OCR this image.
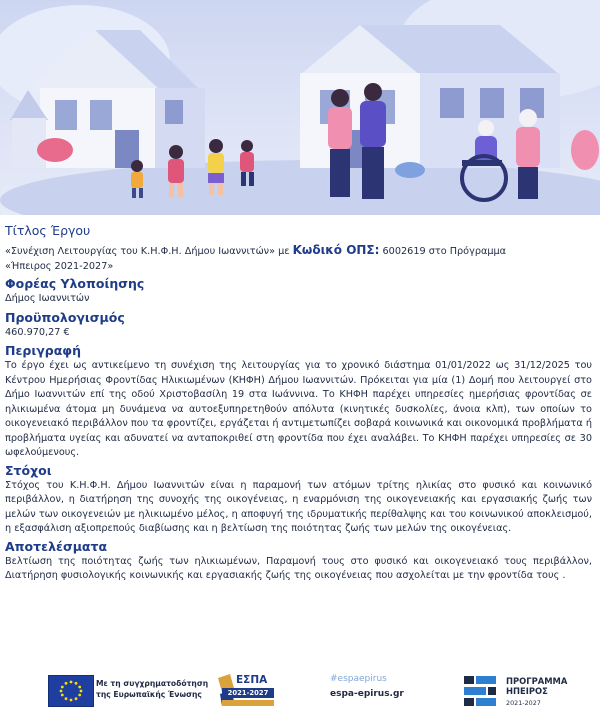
Τίτλος Έργου
«Συνέχιση Λειτουργίας του Κ.Η.Φ.Η. Δήμου Ιωαννιτών» με Κωδικό ΟΠΣ: 6002619 στο Πρόγραμμα
«Ήπειρος 2021-2027»
Φορέας Υλοποίησης
Δήμος Ιωαννιτών
Προϋπολογισμός
460.970,27 €
Περιγραφή
Το έργο έχει ως αντικείμενο τη συνέχιση της λειτουργίας για το χρονικό διάστημα 01/01/2022 ως 31/12/2025 του Κέντρου Ημερήσιας Φροντίδας Ηλικιωμένων (ΚΗΦΗ) Δήμου Ιωαννιτών. Πρόκειται για μία (1) Δομή που λειτουργεί στο Δήμο Ιωαννιτών επί της οδού Χριστοβασίλη 19 στα Ιωάννινα. Το ΚΗΦΗ παρέχει υπηρεσίες ημερήσιας φροντίδας σε ηλικιωμένα άτομα μη δυνάμενα να αυτοεξυπηρετηθούν απόλυτα (κινητικές δυσκολίες, άνοια κλπ), των οποίων το οικογενειακό περιβάλλον που τα φροντίζει, εργάζεται ή αντιμετωπίζει σοβαρά κοινωνικά και οικονομικά προβλήματα ή προβλήματα υγείας και αδυνατεί να ανταποκριθεί στη φροντίδα που έχει αναλάβει. Το ΚΗΦΗ παρέχει υπηρεσίες σε 30 ωφελούμενους.
Στόχοι
Στόχος του Κ.Η.Φ.Η. Δήμου Ιωαννιτών είναι η παραμονή των ατόμων τρίτης ηλικίας στο φυσικό και κοινωνικό περιβάλλον, η διατήρηση της συνοχής της οικογένειας, η εναρμόνιση της οικογενειακής και εργασιακής ζωής των μελών των οικογενειών με ηλικιωμένο μέλος, η αποφυγή της ιδρυματικής περίθαλψης και του κοινωνικού αποκλεισμού, η εξασφάλιση αξιοπρεπούς διαβίωσης και η βελτίωση της ποιότητας ζωής των μελών της οικογένειας.
Αποτελέσματα
Βελτίωση της ποιότητας ζωής των ηλικιωμένων, Παραμονή τους στο φυσικό και οικογενειακό τους περιβάλλον, Διατήρηση φυσιολογικής κοινωνικής και εργασιακής ζωής της οικογένειας που ασχολείται με την φροντίδα τους .
Με τη συγχρηματοδότηση της Ευρωπαϊκής Ένωσης
ΕΣΠΑ
2021-2027
#espaepirus
espa-epirus.gr
ΠΡΟΓΡΑΜΜΑ
ΗΠΕΙΡΟΣ
2021-2027
